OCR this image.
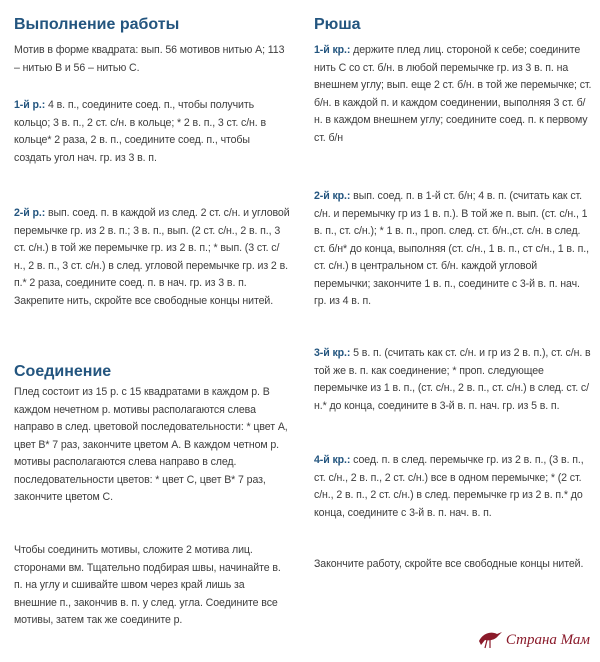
Выполнение работы

Мотив в форме квадрата: вып. 56 мотивов нитью А; 113 – нитью В и 56 – нитью С.

1-й р.: 4 в. п., соедините соед. п., чтобы получить кольцо; 3 в. п., 2 ст. с/н. в кольце; * 2 в. п., 3 ст. с/н. в кольце* 2 раза, 2 в. п., соедините соед. п., чтобы создать угол нач. гр. из 3 в. п.

2-й р.: вып. соед. п. в каждой из след. 2 ст. с/н. и угловой перемычке гр. из 2 в. п.; 3 в. п., вып. (2 ст. с/н., 2 в. п., 3 ст. с/н.) в той же перемычке гр. из 2 в. п.; * вып. (3 ст. с/н., 2 в. п., 3 ст. с/н.) в след. угловой перемычке гр. из 2 в. п.* 2 раза, соедините соед. п. в нач. гр. из 3 в. п. Закрепите нить, скройте все свободные концы нитей.

Соединение

Плед состоит из 15 р. с 15 квадратами в каждом р. В каждом нечетном р. мотивы располагаются слева направо в след. цветовой последовательности: * цвет А, цвет В* 7 раз, закончите цветом А. В каждом четном р. мотивы располагаются слева направо в след. последовательности цветов: * цвет С, цвет В* 7 раз, закончите цветом С.

Чтобы соединить мотивы, сложите 2 мотива лиц. сторонами вм. Тщательно подбирая швы, начинайте в. п. на углу и сшивайте швом через край лишь за внешние п., закончив в. п. у след. угла. Соедините все мотивы, затем так же соедините р.

Рюша

1-й кр.: держите плед лиц. стороной к себе; соедините нить С со ст. б/н. в любой перемычке гр. из 3 в. п. на внешнем углу; вып. еще 2 ст. б/н. в той же перемычке; ст. б/н. в каждой п. и каждом соединении, выполняя 3 ст. б/н. в каждом внешнем углу; соедините соед. п. к первому ст. б/н

2-й кр.: вып. соед. п. в 1-й ст. б/н; 4 в. п. (считать как ст. с/н. и перемычку гр из 1 в. п.). В той же п. вып. (ст. с/н., 1 в. п., ст. с/н.); * 1 в. п., проп. след. ст. б/н.,ст. с/н. в след. ст. б/н* до конца, выполняя (ст. с/н., 1 в. п., ст с/н., 1 в. п., ст. с/н.) в центральном ст. б/н. каждой угловой перемычки; закончите 1 в. п., соедините с 3-й в. п. нач. гр. из 4 в. п.

3-й кр.: 5 в. п. (считать как ст. с/н. и гр из 2 в. п.), ст. с/н. в той же в. п. как соединение; * проп. следующее перемычке из 1 в. п., (ст. с/н., 2 в. п., ст. с/н.) в след. ст. с/н.* до конца, соедините в 3-й в. п. нач. гр. из 5 в. п.

4-й кр.: соед. п. в след. перемычке гр. из 2 в. п., (3 в. п., ст. с/н., 2 в. п., 2 ст. с/н.) все в одном перемычке; * (2 ст. с/н., 2 в. п., 2 ст. с/н.) в след. перемычке гр из 2 в. п.* до конца, соедините с 3-й в. п. нач. в. п.

Закончите работу, скройте все свободные концы нитей.

Страна Мам
